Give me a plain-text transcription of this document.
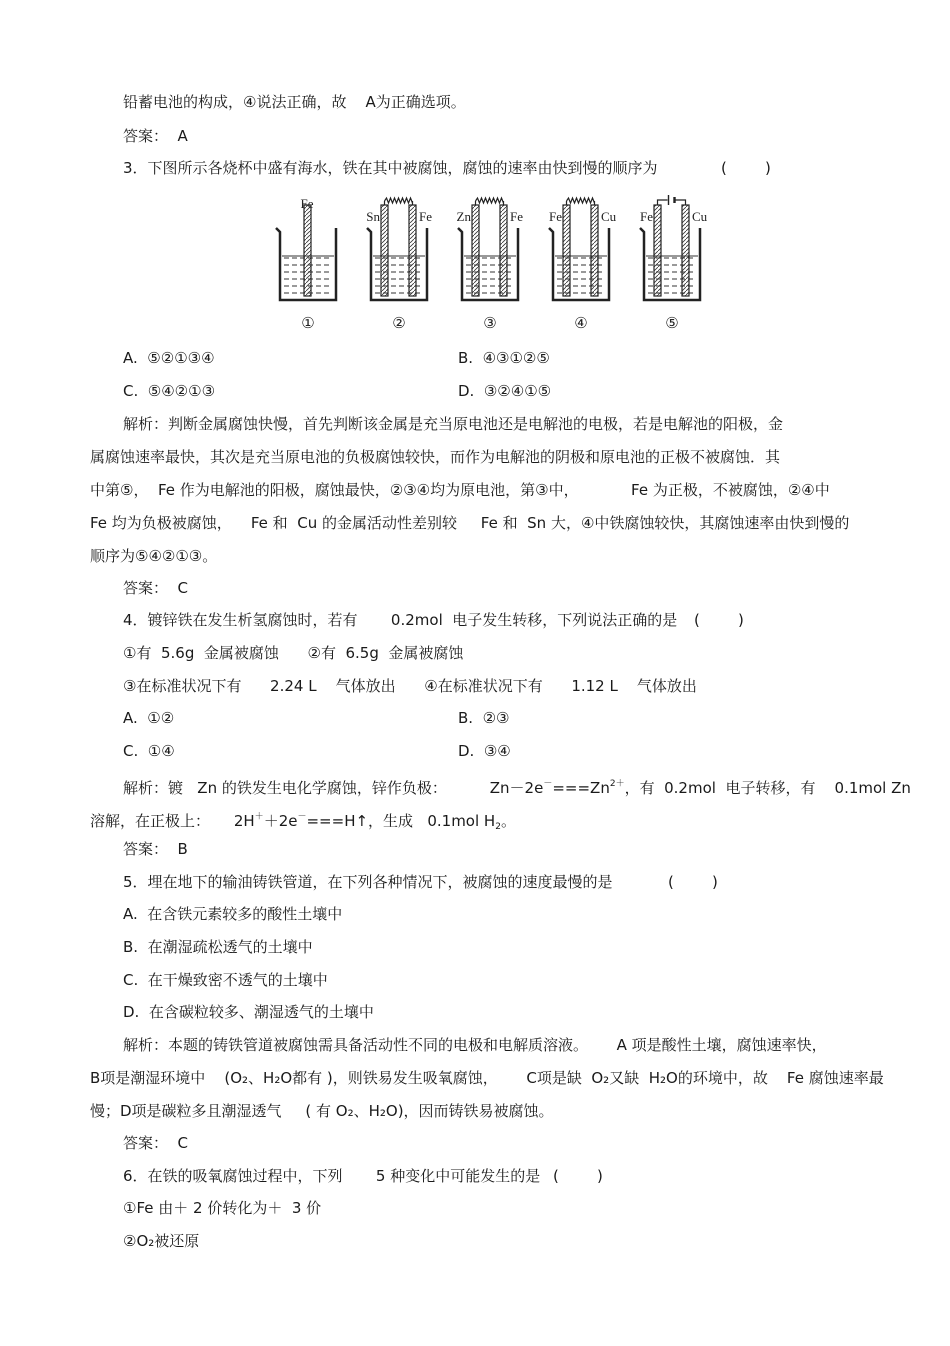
铅蓄电池的构成，④说法正确，故    A为正确选项。
答案：  A
3．下图所示各烧杯中盛有海水，铁在其中被腐蚀，腐蚀的速率由快到慢的顺序为	(        )
Fe
①
Sn	Fe
②
Zn	Fe
③
Fe	Cu
④
Fe	Cu
⑤
A.  ⑤②①③④	B.  ④③①②⑤
C.  ⑤④②①③	D.  ③②④①⑤
解析：判断金属腐蚀快慢，首先判断该金属是充当原电池还是电解池的电极，若是电解池的阳极，金
属腐蚀速率最快，其次是充当原电池的负极腐蚀较快，而作为电解池的阴极和原电池的正极不被腐蚀．其
中第⑤，  Fe 作为电解池的阳极，腐蚀最快，②③④均为原电池，第③中，           Fe 为正极，不被腐蚀，②④中
Fe 均为负极被腐蚀，    Fe 和  Cu 的金属活动性差别较     Fe 和  Sn 大，④中铁腐蚀较快，其腐蚀速率由快到慢的
顺序为⑤④②①③。
答案：  C
4．镀锌铁在发生析氢腐蚀时，若有       0.2mol  电子发生转移，下列说法正确的是 (        )
①有  5.6g  金属被腐蚀      ②有  6.5g  金属被腐蚀
③在标准状况下有      2.24 L    气体放出      ④在标准状况下有      1.12 L    气体放出
A.  ①②	B.  ②③
C.  ①④	D.  ③④
解析：镀   Zn 的铁发生电化学腐蚀，锌作负极：         $Zn-2e^-===Zn^{2+}$，有  0.2mol  电子转移，有    0.1mol Zn
溶解，在正极上：     2H＋＋2e－===H↑，生成   0.1mol $H_2$。
答案：  B
5．埋在地下的输油铸铁管道，在下列各种情况下，被腐蚀的速度最慢的是	(        )
A.  在含铁元素较多的酸性土壤中
B.  在潮湿疏松透气的土壤中
C.  在干燥致密不透气的土壤中
D.  在含碳粒较多、潮湿透气的土壤中
解析：本题的铸铁管道被腐蚀需具备活动性不同的电极和电解质溶液。      A 项是酸性土壤，腐蚀速率快，
B项是潮湿环境中    (O₂、H₂O都有 )，则铁易发生吸氧腐蚀，      C项是缺  O₂又缺  H₂O的环境中，故    Fe 腐蚀速率最
慢；D项是碳粒多且潮湿透气     ( 有 O₂、H₂O)，因而铸铁易被腐蚀。
答案：  C
6．在铁的吸氧腐蚀过程中，下列       5 种变化中可能发生的是 (        )
①Fe 由＋ 2 价转化为＋  3 价
②O₂被还原
